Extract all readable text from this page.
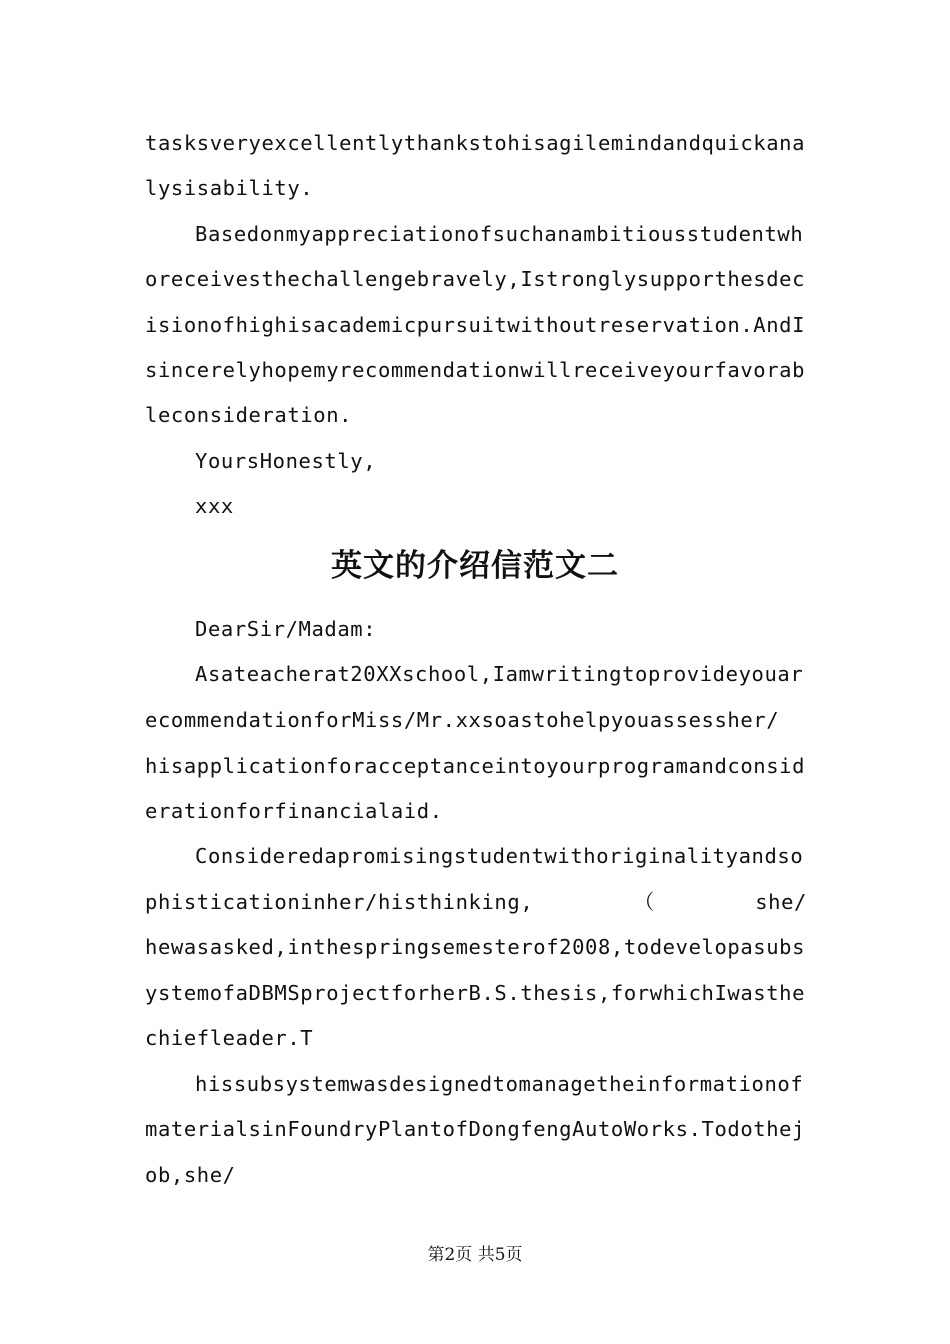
tasksveryexcellentlythankstohisagilemindandquickana
lysisability.
Basedonmyappreciationofsuchanambitiousstudentwh
oreceivesthechallengebravely,Istronglysupporthesdec
isionofhighisacademicpursuitwithoutreservation.AndI
sincerelyhopemyrecommendationwillreceiveyourfavorab
leconsideration.
YoursHonestly,
xxx
英文的介绍信范文二
DearSir/Madam:
Asateacherat20XXschool,Iamwritingtoprovideyouar
ecommendationforMiss/Mr.xxsoastohelpyouassessher/
hisapplicationforacceptanceintoyourprogramandconsid
erationforfinancialaid.
Consideredapromisingstudentwithoriginalityandso
phisticationinher/histhinking,	（	she/
hewasasked,inthespringsemesterof2008,todevelopasubs
ystemofaDBMSprojectforherB.S.thesis,forwhichIwasthe
chiefleader.T
hissubsystemwasdesignedtomanagetheinformationof
materialsinFoundryPlantofDongfengAutoWorks.Todothej
ob,she/
第2页 共5页
